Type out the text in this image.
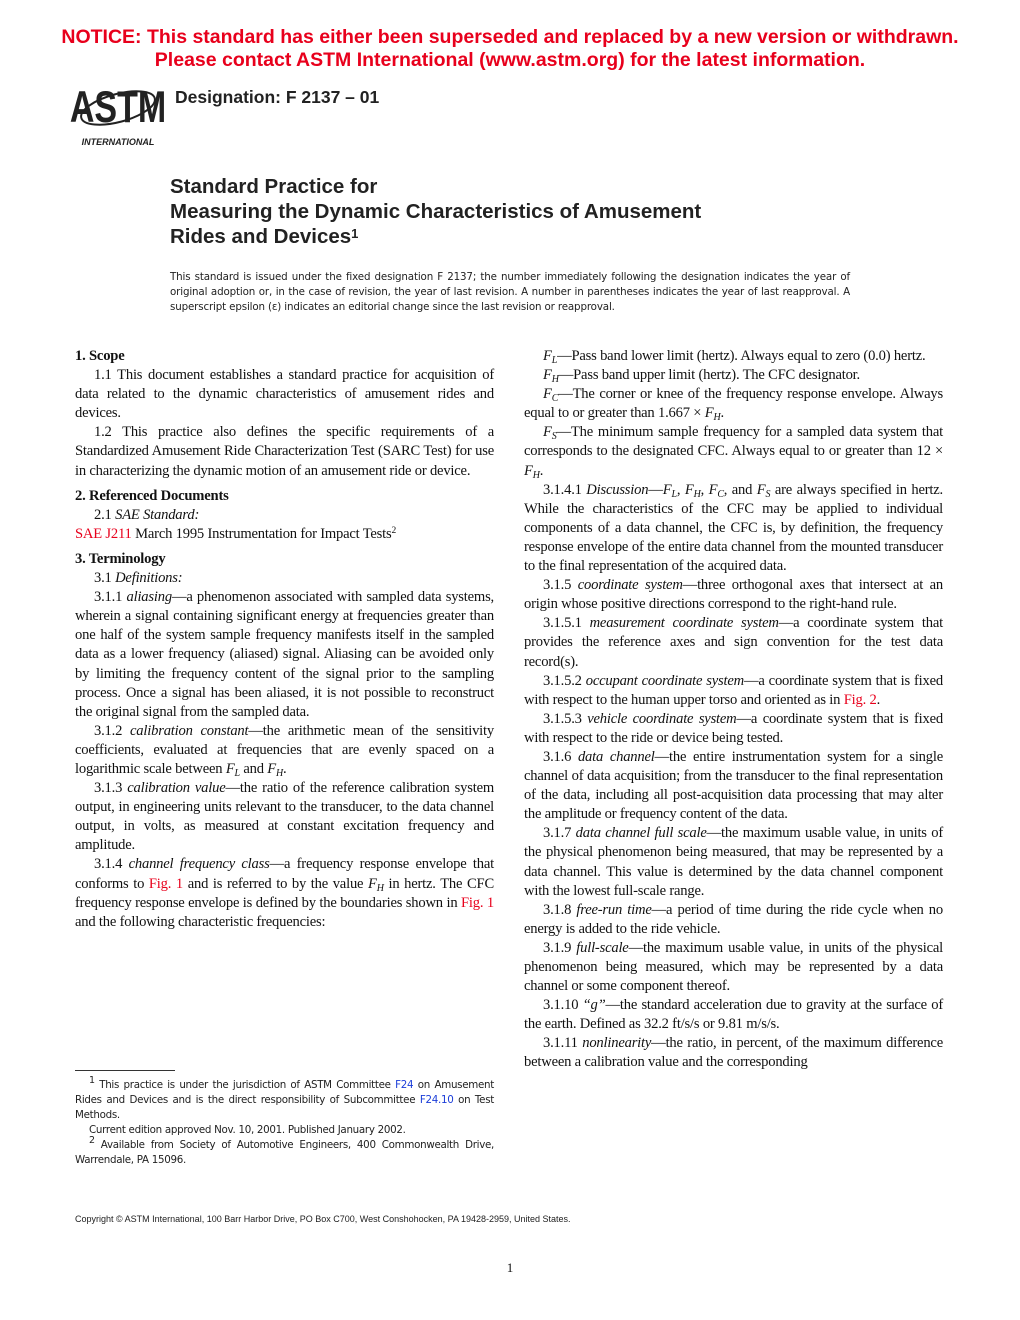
NOTICE: This standard has either been superseded and replaced by a new version or withdrawn.
Please contact ASTM International (www.astm.org) for the latest information.
ASTM
INTERNATIONAL
Designation: F 2137 – 01
Standard Practice for
Measuring the Dynamic Characteristics of Amusement
Rides and Devices$^1$
This standard is issued under the fixed designation F 2137; the number immediately following the designation indicates the year of original adoption or, in the case of revision, the year of last revision. A number in parentheses indicates the year of last reapproval. A superscript epsilon (ε) indicates an editorial change since the last revision or reapproval.
1. Scope

1.1 This document establishes a standard practice for acquisition of data related to the dynamic characteristics of amusement rides and devices.

1.2 This practice also defines the specific requirements of a Standardized Amusement Ride Characterization Test (SARC Test) for use in characterizing the dynamic motion of an amusement ride or device.

2. Referenced Documents

2.1 SAE Standard:

SAE J211 March 1995 Instrumentation for Impact Tests$^2$

3. Terminology

3.1 Definitions:

3.1.1 aliasing—a phenomenon associated with sampled data systems, wherein a signal containing significant energy at frequencies greater than one half of the system sample frequency manifests itself in the sampled data as a lower frequency (aliased) signal. Aliasing can be avoided only by limiting the frequency content of the signal prior to the sampling process. Once a signal has been aliased, it is not possible to reconstruct the original signal from the sampled data.

3.1.2 calibration constant—the arithmetic mean of the sensitivity coefficients, evaluated at frequencies that are evenly spaced on a logarithmic scale between $F_L$ and $F_H$.

3.1.3 calibration value—the ratio of the reference calibration system output, in engineering units relevant to the transducer, to the data channel output, in volts, as measured at constant excitation frequency and amplitude.

3.1.4 channel frequency class—a frequency response envelope that conforms to Fig. 1 and is referred to by the value $F_H$ in hertz. The CFC frequency response envelope is defined by the boundaries shown in Fig. 1 and the following characteristic frequencies:

$F_L—Pass$ band lower limit (hertz). Always equal to zero (0.0) hertz.

$F_H—Pass$ band upper limit (hertz). The CFC designator.

$F_C—The$ corner or knee of the frequency response envelope. Always equal to or greater than $1.667 \times F_H$.

$F_S—The$ minimum sample frequency for a sampled data system that corresponds to the designated CFC. Always equal to or greater than $12 \times F_H$.

3.1.4.1 $Discussion—F_L$, $F_H$, $F_C$, and $F_S$ are always specified in hertz. While the characteristics of the CFC may be applied to individual components of a data channel, the CFC is, by definition, the frequency response envelope of the entire data channel from the mounted transducer to the final representation of the acquired data.

3.1.5 coordinate system—three orthogonal axes that intersect at an origin whose positive directions correspond to the right-hand rule.

3.1.5.1 measurement coordinate system—a coordinate system that provides the reference axes and sign convention for the test data record(s).

3.1.5.2 occupant coordinate system—a coordinate system that is fixed with respect to the human upper torso and oriented as in Fig. 2.

3.1.5.3 vehicle coordinate system—a coordinate system that is fixed with respect to the ride or device being tested.

3.1.6 data channel—the entire instrumentation system for a single channel of data acquisition; from the transducer to the final representation of the data, including all post-acquisition data processing that may alter the amplitude or frequency content of the data.

3.1.7 data channel full scale—the maximum usable value, in units of the physical phenomenon being measured, that may be represented by a data channel. This value is determined by the data channel component with the lowest full-scale range.

3.1.8 free-run time—a period of time during the ride cycle when no energy is added to the ride vehicle.

3.1.9 full-scale—the maximum usable value, in units of the physical phenomenon being measured, which may be represented by a data channel or some component thereof.

3.1.10 “g”—the standard acceleration due to gravity at the surface of the earth. Defined as 32.2 ft/s/s or 9.81 m/s/s.

3.1.11 nonlinearity—the ratio, in percent, of the maximum difference between a calibration value and the corresponding

$^1$ This practice is under the jurisdiction of ASTM Committee F24 on Amusement Rides and Devices and is the direct responsibility of Subcommittee F24.10 on Test Methods.

Current edition approved Nov. 10, 2001. Published January 2002.

$^2$ Available from Society of Automotive Engineers, 400 Commonwealth Drive, Warrendale, PA 15096.

Copyright © ASTM International, 100 Barr Harbor Drive, PO Box C700, West Conshohocken, PA 19428-2959, United States.
1
